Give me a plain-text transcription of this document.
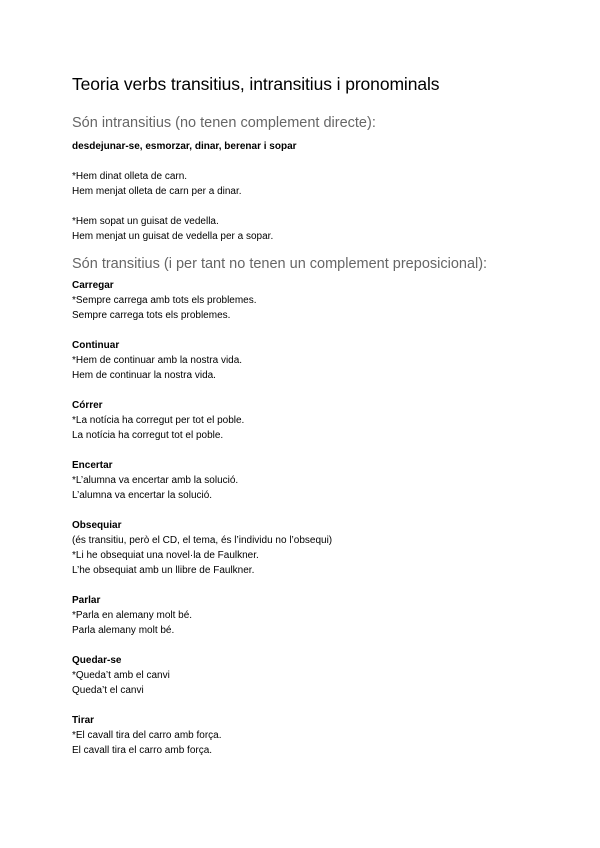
Teoria verbs transitius, intransitius i pronominals
Són intransitius (no tenen complement directe):
desdejunar-se, esmorzar, dinar, berenar i sopar
*Hem dinat olleta de carn.
Hem menjat olleta de carn per a dinar.
*Hem sopat un guisat de vedella.
Hem menjat un guisat de vedella per a sopar.
Són transitius (i per tant no tenen un complement preposicional):
Carregar
*Sempre carrega amb tots els problemes.
Sempre carrega tots els problemes.
Continuar
*Hem de continuar amb la nostra vida.
Hem de continuar la nostra vida.
Córrer
*La notícia ha corregut per tot el poble.
La notícia ha corregut tot el poble.
Encertar
*L’alumna va encertar amb la solució.
L’alumna va encertar la solució.
Obsequiar
(és transitiu, però el CD, el tema, és l’individu no l’obsequi)
*Li he obsequiat una novel·la de Faulkner.
L’he obsequiat amb un llibre de Faulkner.
Parlar
*Parla en alemany molt bé.
Parla alemany molt bé.
Quedar-se
*Queda’t amb el canvi
Queda’t el canvi
Tirar
*El cavall tira del carro amb força.
El cavall tira el carro amb força.
